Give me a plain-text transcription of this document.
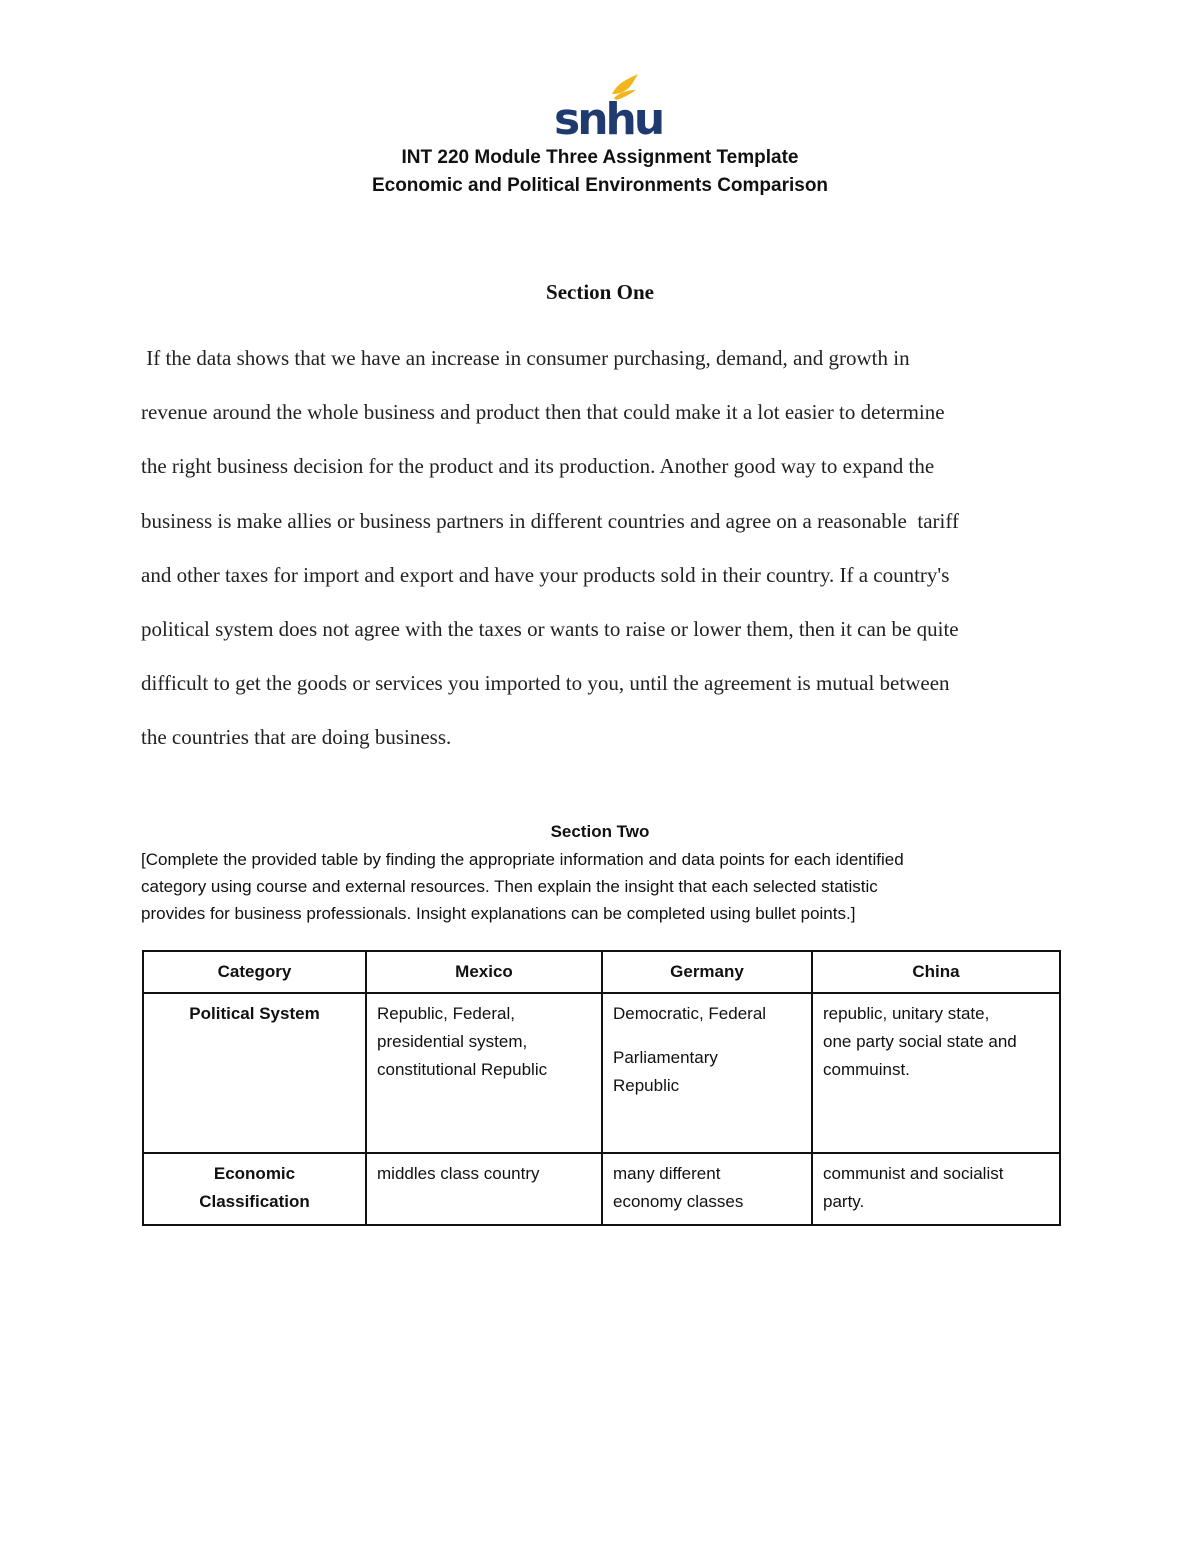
snhu
INT 220 Module Three Assignment Template
Economic and Political Environments Comparison
Section One
If the data shows that we have an increase in consumer purchasing, demand, and growth in
revenue around the whole business and product then that could make it a lot easier to determine
the right business decision for the product and its production. Another good way to expand the
business is make allies or business partners in different countries and agree on a reasonable  tariff
and other taxes for import and export and have your products sold in their country. If a country's
political system does not agree with the taxes or wants to raise or lower them, then it can be quite
difficult to get the goods or services you imported to you, until the agreement is mutual between
the countries that are doing business.
Section Two
[Complete the provided table by finding the appropriate information and data points for each identified
category using course and external resources. Then explain the insight that each selected statistic
provides for business professionals. Insight explanations can be completed using bullet points.]
Category	Mexico	Germany	China
Political System	Republic, Federal,
presidential system,
constitutional Republic	Democratic, Federal
Parliamentary
Republic	republic, unitary state,
one party social state and
commuinst.

Economic
Classification	middles class country	many different
economy classes	communist and socialist
party.
